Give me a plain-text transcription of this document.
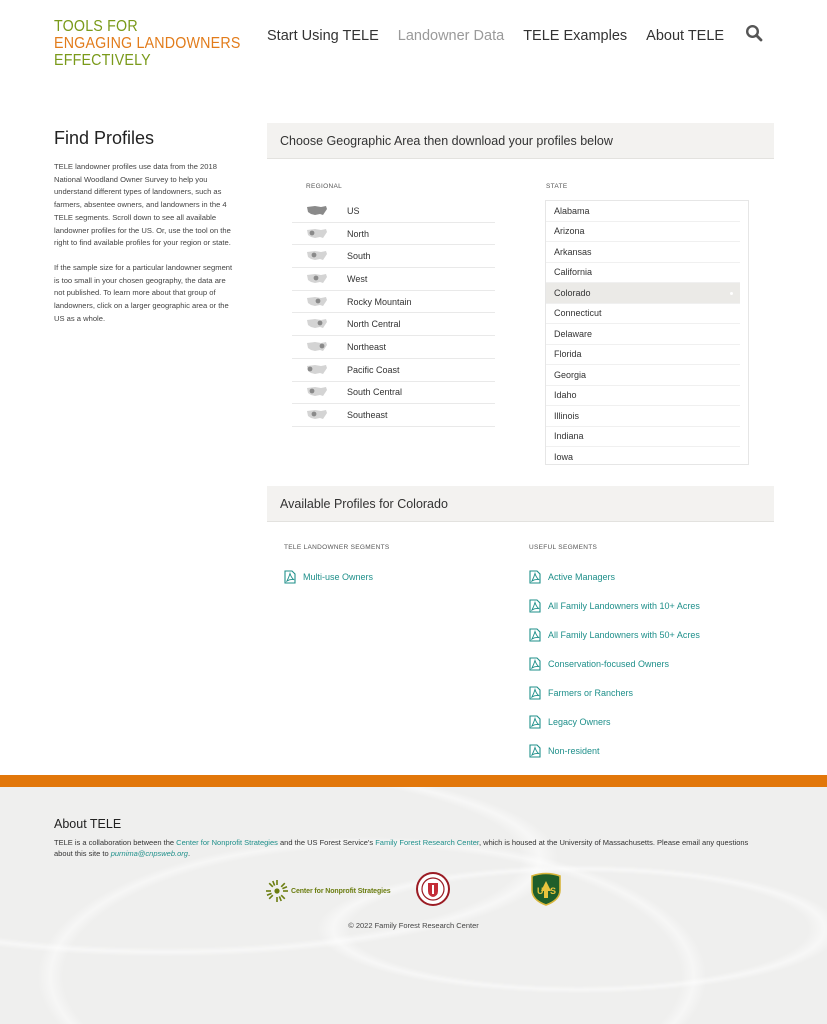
TOOLS FOR
ENGAGING LANDOWNERS
EFFECTIVELY
Start Using TELE Landowner Data TELE Examples About TELE
Find Profiles

TELE landowner profiles use data from the 2018 National Woodland Owner Survey to help you understand different types of landowners, such as farmers, absentee owners, and landowners in the 4 TELE segments. Scroll down to see all available landowner profiles for the US. Or, use the tool on the right to find available profiles for your region or state.

If the sample size for a particular landowner segment is too small in your chosen geography, the data are not published. To learn more about that group of landowners, click on a larger geographic area or the US as a whole.

Choose Geographic Area then download your profiles below
REGIONAL	STATE
US
North
South
West
Rocky Mountain
North Central
Northeast
Pacific Coast
South Central
Southeast
Alabama
Arizona
Arkansas
California
Colorado
Connecticut
Delaware
Florida
Georgia
Idaho
Illinois
Indiana
Iowa
Available Profiles for Colorado
TELE LANDOWNER SEGMENTS	USEFUL SEGMENTS
Multi-use Owners	Active Managers
All Family Landowners with 10+ Acres
All Family Landowners with 50+ Acres
Conservation-focused Owners
Farmers or Ranchers
Legacy Owners
Non-resident
About TELE

TELE is a collaboration between the Center for Nonprofit Strategies and the US Forest Service's Family Forest Research Center, which is housed at the University of Massachusetts. Please email any questions about this site to purnima@cnpsweb.org.

Center for Nonprofit Strategies	U S
© 2022 Family Forest Research Center
